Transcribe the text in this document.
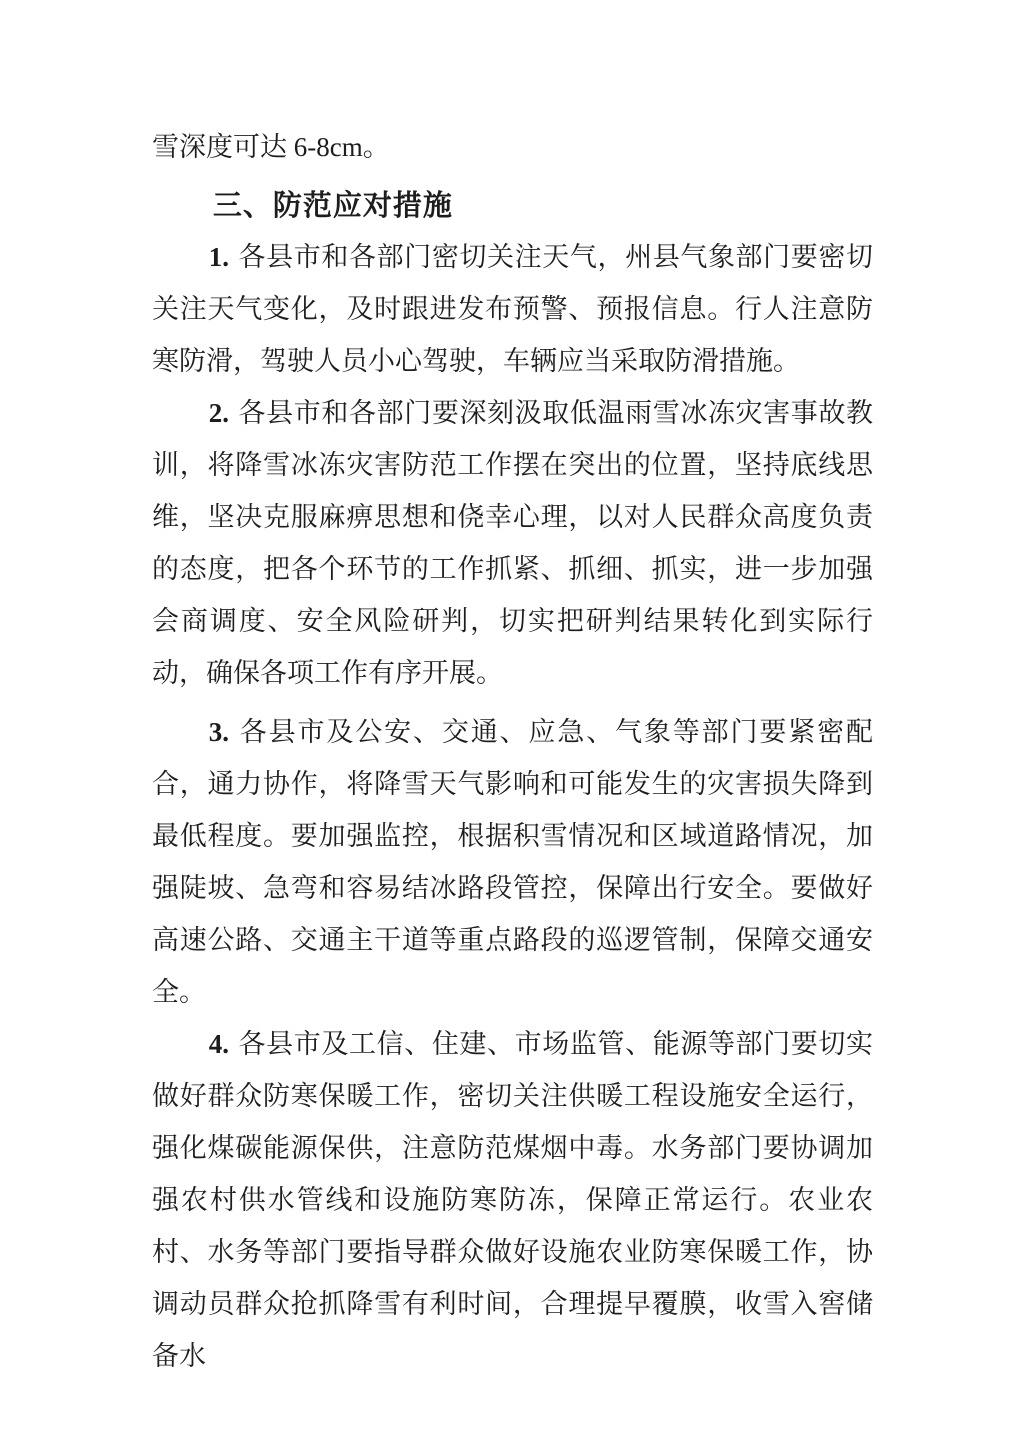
雪深度可达 6-8cm。

三、防范应对措施

1. 各县市和各部门密切关注天气，州县气象部门要密切关注天气变化，及时跟进发布预警、预报信息。行人注意防寒防滑，驾驶人员小心驾驶，车辆应当采取防滑措施。

2. 各县市和各部门要深刻汲取低温雨雪冰冻灾害事故教训，将降雪冰冻灾害防范工作摆在突出的位置，坚持底线思维，坚决克服麻痹思想和侥幸心理，以对人民群众高度负责的态度，把各个环节的工作抓紧、抓细、抓实，进一步加强会商调度、安全风险研判，切实把研判结果转化到实际行动，确保各项工作有序开展。

3. 各县市及公安、交通、应急、气象等部门要紧密配合，通力协作，将降雪天气影响和可能发生的灾害损失降到最低程度。要加强监控，根据积雪情况和区域道路情况，加强陡坡、急弯和容易结冰路段管控，保障出行安全。要做好高速公路、交通主干道等重点路段的巡逻管制，保障交通安全。

4. 各县市及工信、住建、市场监管、能源等部门要切实做好群众防寒保暖工作，密切关注供暖工程设施安全运行，强化煤碳能源保供，注意防范煤烟中毒。水务部门要协调加强农村供水管线和设施防寒防冻，保障正常运行。农业农村、水务等部门要指导群众做好设施农业防寒保暖工作，协调动员群众抢抓降雪有利时间，合理提早覆膜，收雪入窖储备水
